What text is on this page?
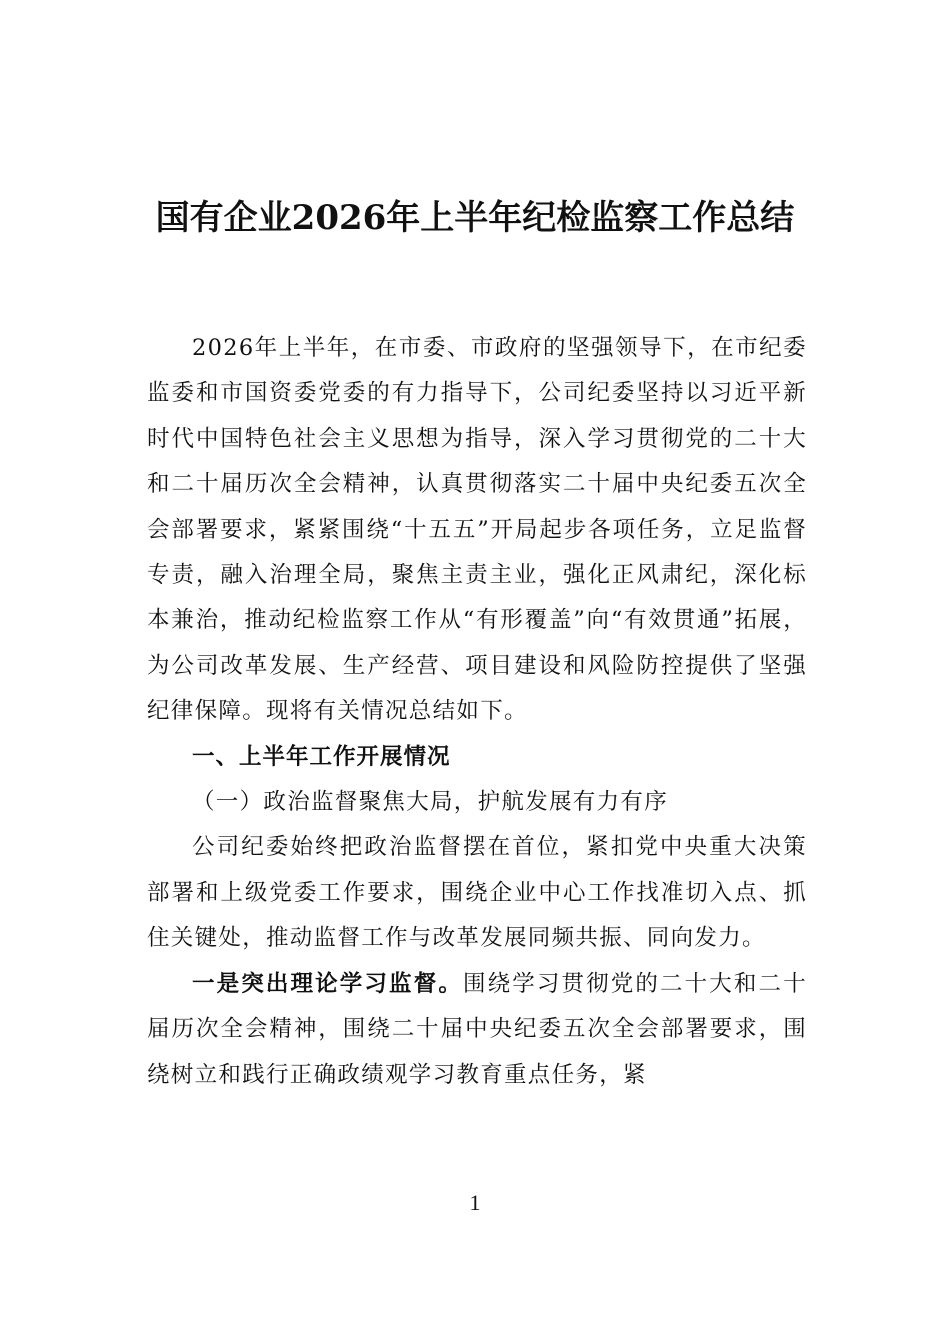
国有企业2026年上半年纪检监察工作总结

2026年上半年，在市委、市政府的坚强领导下，在市纪委监委和市国资委党委的有力指导下，公司纪委坚持以习近平新时代中国特色社会主义思想为指导，深入学习贯彻党的二十大和二十届历次全会精神，认真贯彻落实二十届中央纪委五次全会部署要求，紧紧围绕“十五五”开局起步各项任务，立足监督专责，融入治理全局，聚焦主责主业，强化正风肃纪，深化标本兼治，推动纪检监察工作从“有形覆盖”向“有效贯通”拓展，为公司改革发展、生产经营、项目建设和风险防控提供了坚强纪律保障。现将有关情况总结如下。

一、上半年工作开展情况

（一）政治监督聚焦大局，护航发展有力有序

公司纪委始终把政治监督摆在首位，紧扣党中央重大决策部署和上级党委工作要求，围绕企业中心工作找准切入点、抓住关键处，推动监督工作与改革发展同频共振、同向发力。

一是突出理论学习监督。围绕学习贯彻党的二十大和二十届历次全会精神，围绕二十届中央纪委五次全会部署要求，围绕树立和践行正确政绩观学习教育重点任务，紧

1
